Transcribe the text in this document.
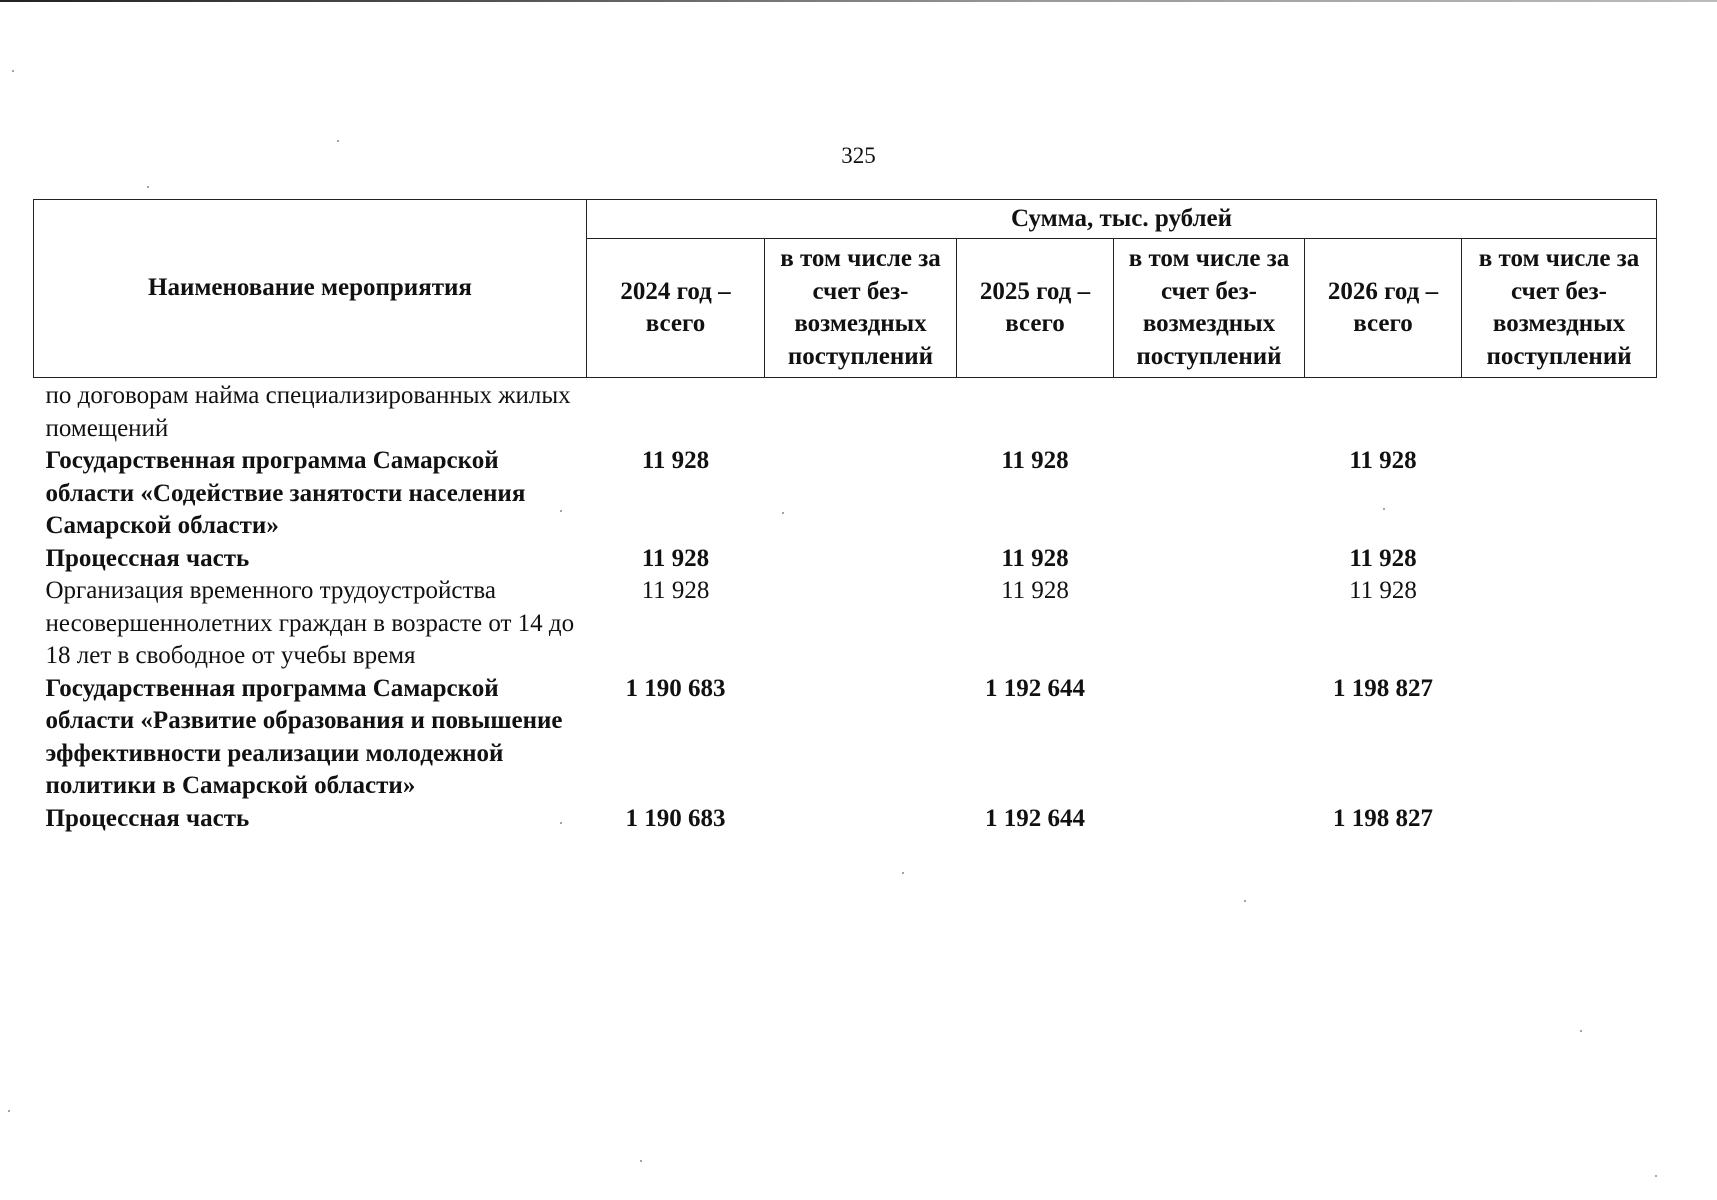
325
Наименование мероприятия	Сумма, тыс. рублей					
	2024 год – всего	в том числе за счет без-возмездных поступлений	2025 год – всего	в том числе за счет без-возмездных поступлений	2026 год – всего	в том числе за счет без-возмездных поступлений
по договорам найма специализированных жилых помещений						
Государственная программа Самарской области «Содействие занятости населения Самарской области»	11 928		11 928		11 928	
Процессная часть	11 928		11 928		11 928	
Организация временного трудоустройства несовершеннолетних граждан в возрасте от 14 до 18 лет в свободное от учебы время	11 928		11 928		11 928	
Государственная программа Самарской области «Развитие образования и повышение эффективности реализации молодежной политики в Самарской области»	1 190 683		1 192 644		1 198 827	
Процессная часть	1 190 683		1 192 644		1 198 827	
